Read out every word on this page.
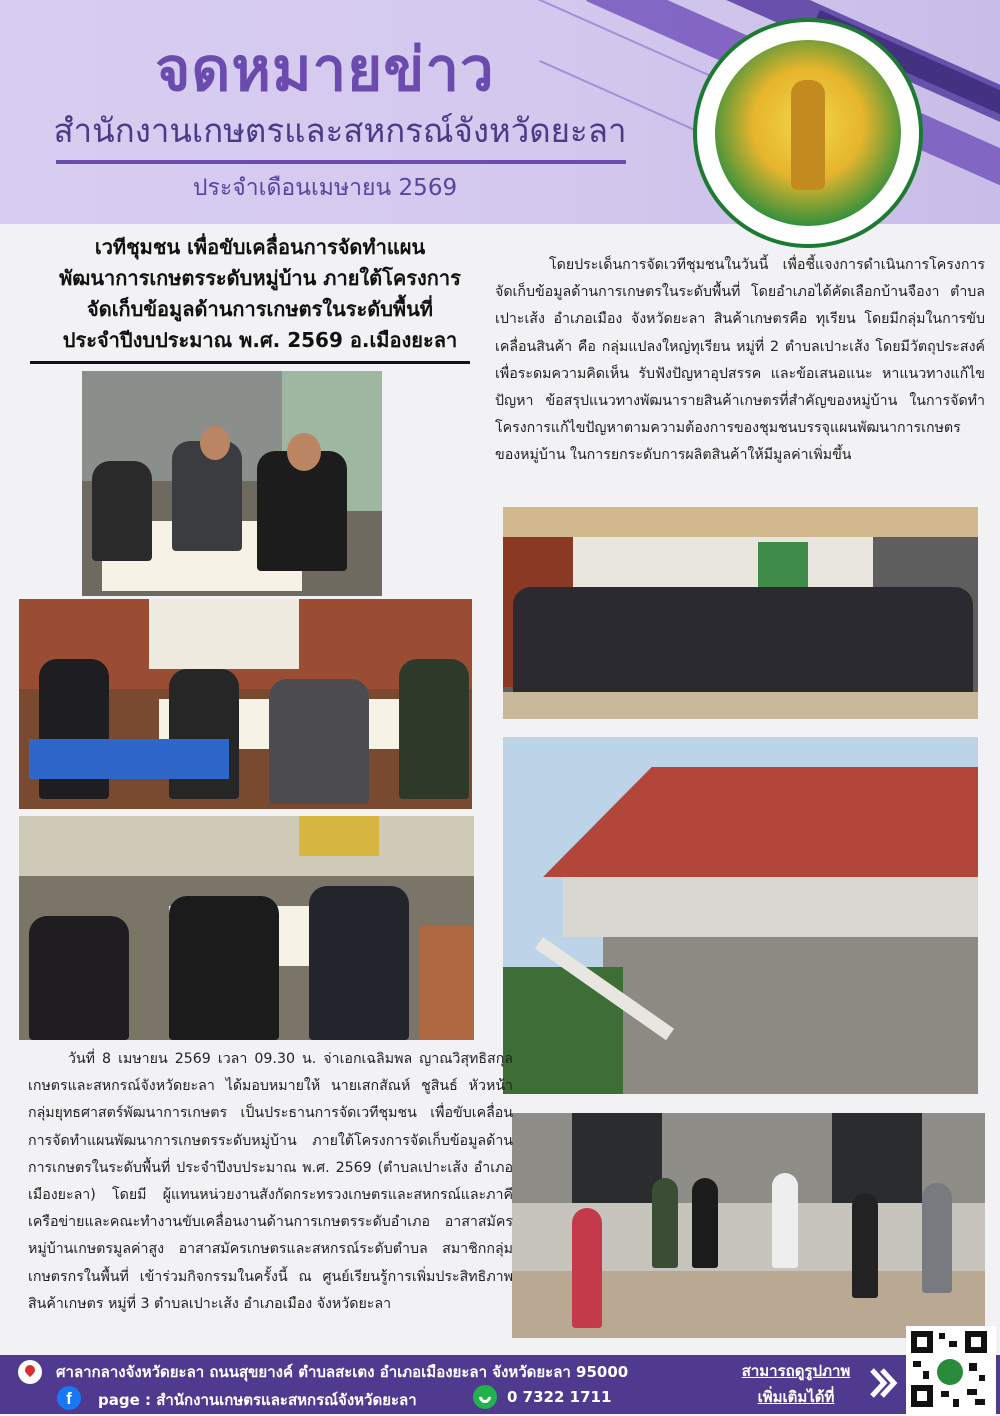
จดหมายข่าว
สำนักงานเกษตรและสหกรณ์จังหวัดยะลา
ประจำเดือนเมษายน 2569
เวทีชุมชน เพื่อขับเคลื่อนการจัดทำแผน
พัฒนาการเกษตรระดับหมู่บ้าน ภายใต้โครงการ
จัดเก็บข้อมูลด้านการเกษตรในระดับพื้นที่
ประจำปีงบประมาณ พ.ศ. 2569 อ.เมืองยะลา
โดยประเด็นการจัดเวทีชุมชนในวันนี้ เพื่อชี้แจงการดำเนินการโครงการจัดเก็บข้อมูลด้านการเกษตรในระดับพื้นที่ โดยอำเภอได้คัดเลือกบ้านจืองา ตำบลเปาะเส้ง อำเภอเมือง จังหวัดยะลา สินค้าเกษตรคือ ทุเรียน โดยมีกลุ่มในการขับเคลื่อนสินค้า คือ กลุ่มแปลงใหญ่ทุเรียน หมู่ที่ 2 ตำบลเปาะเส้ง โดยมีวัตถุประสงค์เพื่อระดมความคิดเห็น รับฟังปัญหาอุปสรรค และข้อเสนอแนะ หาแนวทางแก้ไขปัญหา ข้อสรุปแนวทางพัฒนารายสินค้าเกษตรที่สำคัญของหมู่บ้าน ในการจัดทำโครงการแก้ไขปัญหาตามความต้องการของชุมชนบรรจุแผนพัฒนาการเกษตรของหมู่บ้าน ในการยกระดับการผลิตสินค้าให้มีมูลค่าเพิ่มขึ้น
วันที่ 8 เมษายน 2569 เวลา 09.30 น. จ่าเอกเฉลิมพล ญาณวิสุทธิสกุล เกษตรและสหกรณ์จังหวัดยะลา ได้มอบหมายให้ นายเสกสัณห์ ชูสินธ์ หัวหน้ากลุ่มยุทธศาสตร์พัฒนาการเกษตร เป็นประธานการจัดเวทีชุมชน เพื่อขับเคลื่อนการจัดทำแผนพัฒนาการเกษตรระดับหมู่บ้าน ภายใต้โครงการจัดเก็บข้อมูลด้านการเกษตรในระดับพื้นที่ ประจำปีงบประมาณ พ.ศ. 2569 (ตำบลเปาะเส้ง อำเภอเมืองยะลา) โดยมี ผู้แทนหน่วยงานสังกัดกระทรวงเกษตรและสหกรณ์และภาคีเครือข่ายและคณะทำงานขับเคลื่อนงานด้านการเกษตรระดับอำเภอ อาสาสมัครหมู่บ้านเกษตรมูลค่าสูง อาสาสมัครเกษตรและสหกรณ์ระดับตำบล สมาชิกกลุ่มเกษตรกรในพื้นที่ เข้าร่วมกิจกรรมในครั้งนี้ ณ ศูนย์เรียนรู้การเพิ่มประสิทธิภาพสินค้าเกษตร หมู่ที่ 3 ตำบลเปาะเส้ง อำเภอเมือง จังหวัดยะลา
ศาลากลางจังหวัดยะลา ถนนสุขยางค์ ตำบลสะเตง อำเภอเมืองยะลา จังหวัดยะลา 95000
f	page : สำนักงานเกษตรและสหกรณ์จังหวัดยะลา	0 7322 1711
สามารถดูรูปภาพ
เพิ่มเติมได้ที่
